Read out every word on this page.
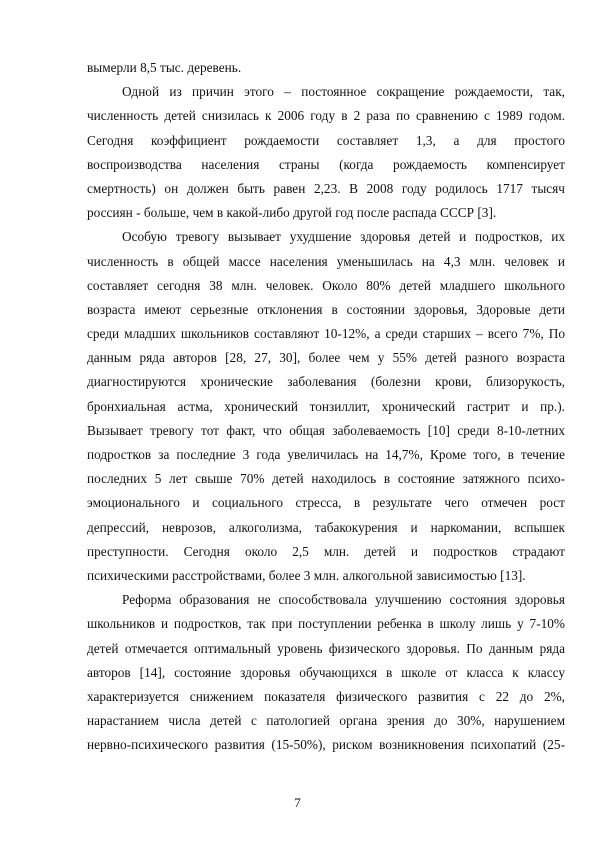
вымерли 8,5 тыс. деревень.
Одной из причин этого – постоянное сокращение рождаемости, так,
численность детей снизилась к 2006 году в 2 раза по сравнению с 1989 годом.
Сегодня коэффициент рождаемости составляет 1,3, а для простого
воспроизводства населения страны (когда рождаемость компенсирует
смертность) он должен быть равен 2,23. В 2008 году родилось 1717 тысяч
россиян - больше, чем в какой-либо другой год после распада СССР [3].
Особую тревогу вызывает ухудшение здоровья детей и подростков, их
численность в общей массе населения уменьшилась на 4,3 млн. человек и
составляет сегодня 38 млн. человек. Около 80% детей младшего школьного
возраста имеют серьезные отклонения в состоянии здоровья, Здоровые дети
среди младших школьников составляют 10-12%, а среди старших – всего 7%, По
данным ряда авторов [28, 27, 30], более чем у 55% детей разного возраста
диагностируются хронические заболевания (болезни крови, близорукость,
бронхиальная астма, хронический тонзиллит, хронический гастрит и пр.).
Вызывает тревогу тот факт, что общая заболеваемость [10] среди 8-10-летних
подростков за последние 3 года увеличилась на 14,7%, Кроме того, в течение
последних 5 лет свыше 70% детей находилось в состояние затяжного психо-
эмоционального и социального стресса, в результате чего отмечен рост
депрессий, неврозов, алкоголизма, табакокурения и наркомании, вспышек
преступности. Сегодня около 2,5 млн. детей и подростков страдают
психическими расстройствами, более 3 млн. алкогольной зависимостью [13].
Реформа образования не способствовала улучшению состояния здоровья
школьников и подростков, так при поступлении ребенка в школу лишь у 7-10%
детей отмечается оптимальный уровень физического здоровья. По данным ряда
авторов [14], состояние здоровья обучающихся в школе от класса к классу
характеризуется снижением показателя физического развития с 22 до 2%,
нарастанием числа детей с патологией органа зрения до 30%, нарушением
нервно-психического развития (15-50%), риском возникновения психопатий (25-
7
